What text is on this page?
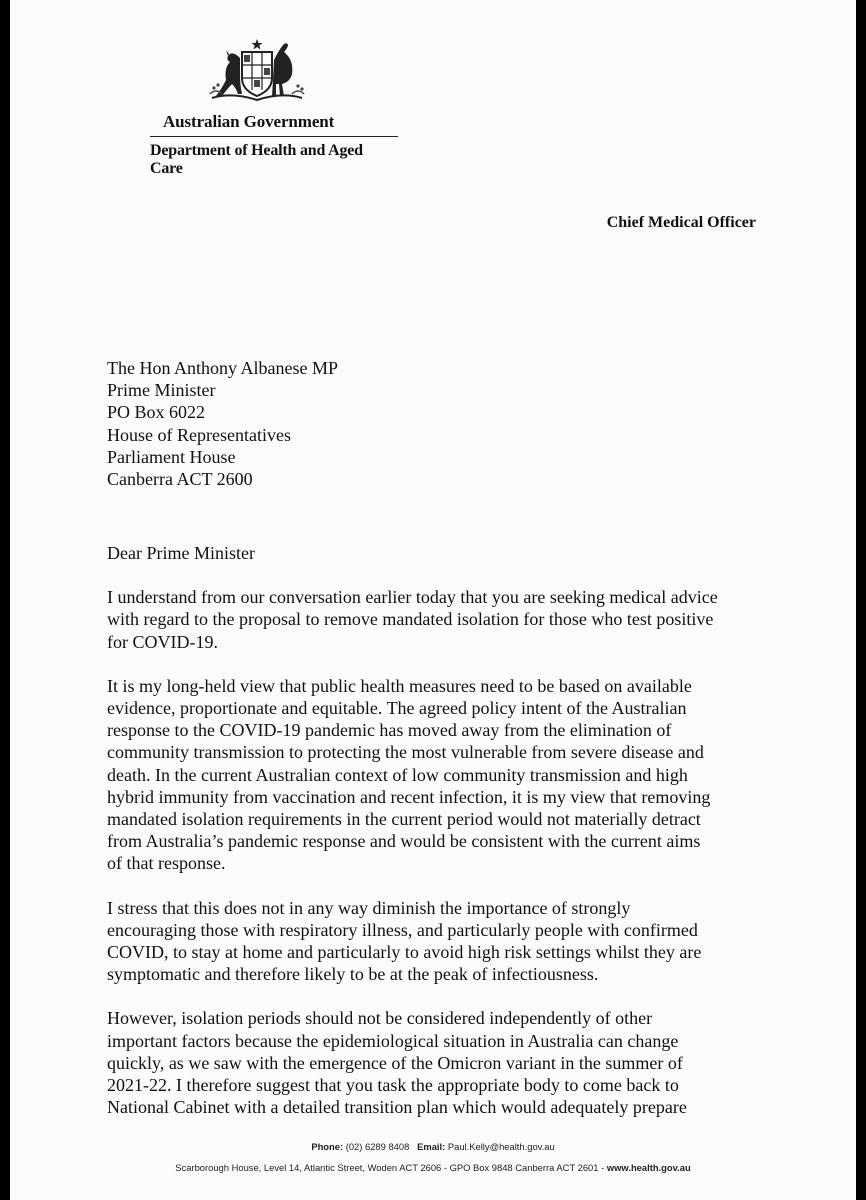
Australian Government
Department of Health and Aged Care
Chief Medical Officer
The Hon Anthony Albanese MP
Prime Minister
PO Box 6022
House of Representatives
Parliament House
Canberra ACT 2600

Dear Prime Minister

I understand from our conversation earlier today that you are seeking medical advice
with regard to the proposal to remove mandated isolation for those who test positive
for COVID-19.

It is my long-held view that public health measures need to be based on available
evidence, proportionate and equitable. The agreed policy intent of the Australian
response to the COVID-19 pandemic has moved away from the elimination of
community transmission to protecting the most vulnerable from severe disease and
death. In the current Australian context of low community transmission and high
hybrid immunity from vaccination and recent infection, it is my view that removing
mandated isolation requirements in the current period would not materially detract
from Australia’s pandemic response and would be consistent with the current aims
of that response.

I stress that this does not in any way diminish the importance of strongly
encouraging those with respiratory illness, and particularly people with confirmed
COVID, to stay at home and particularly to avoid high risk settings whilst they are
symptomatic and therefore likely to be at the peak of infectiousness.

However, isolation periods should not be considered independently of other
important factors because the epidemiological situation in Australia can change
quickly, as we saw with the emergence of the Omicron variant in the summer of
2021-22. I therefore suggest that you task the appropriate body to come back to
National Cabinet with a detailed transition plan which would adequately prepare

Phone: (02) 6289 8408 Email: Paul.Kelly@health.gov.au
Scarborough House, Level 14, Atlantic Street, Woden ACT 2606 - GPO Box 9848 Canberra ACT 2601 - www.health.gov.au
